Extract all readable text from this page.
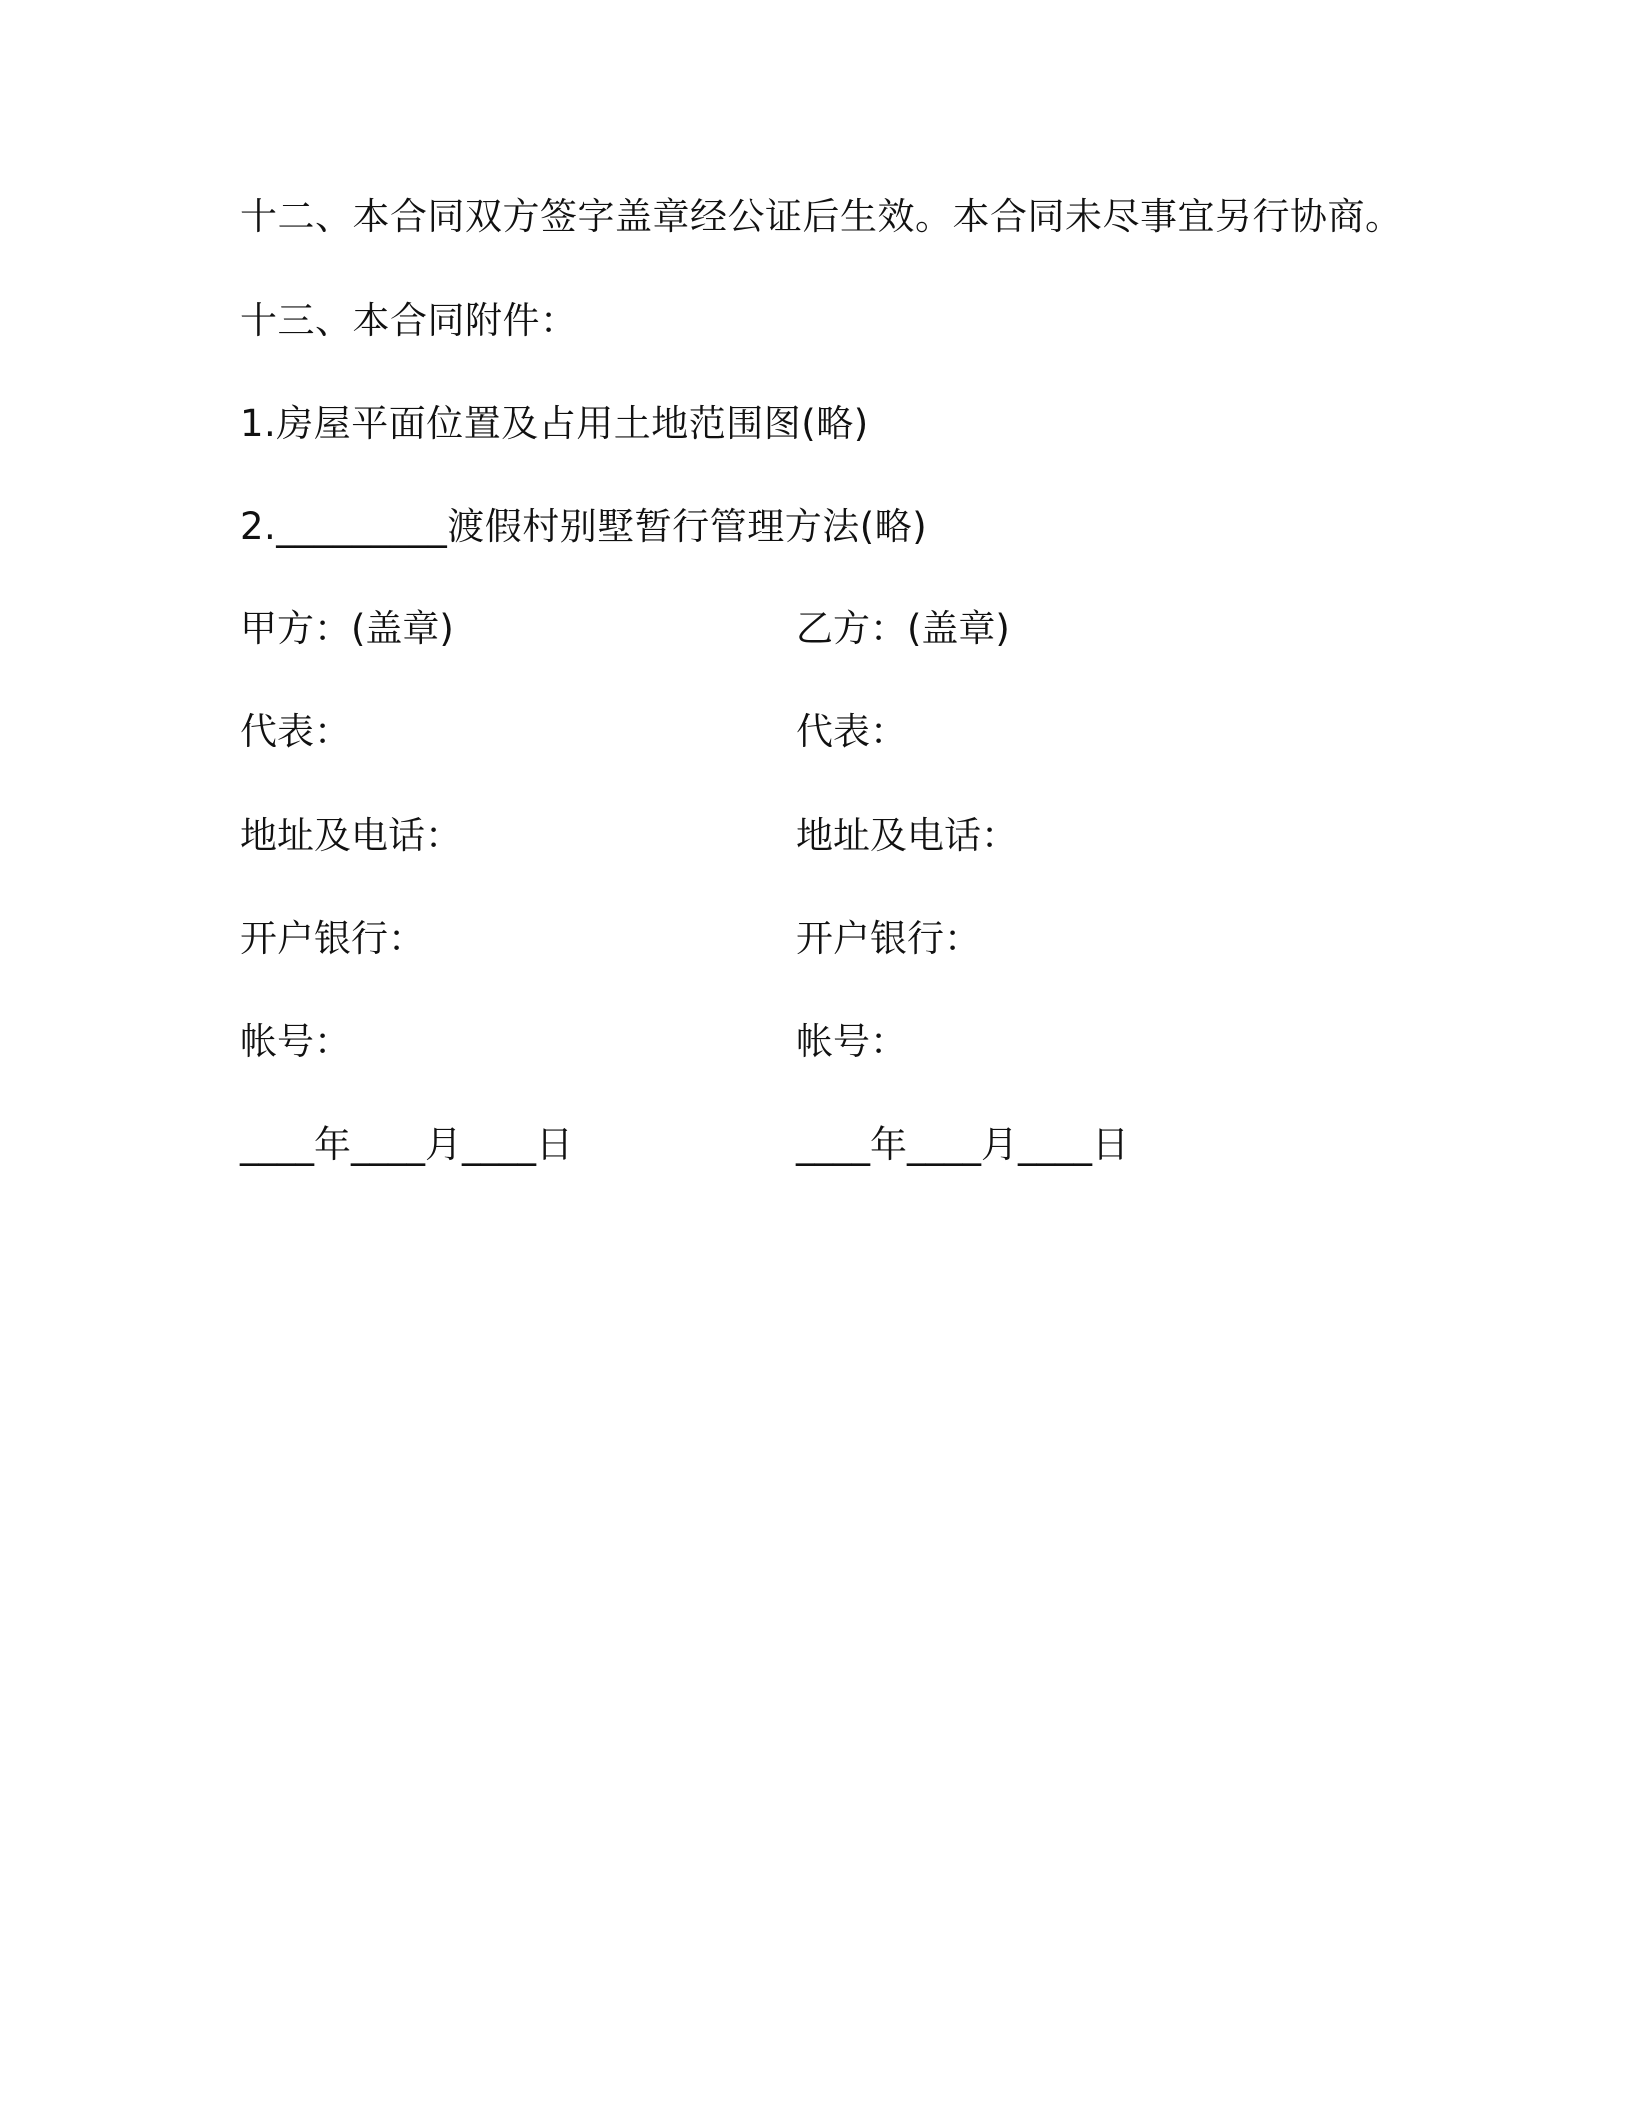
十二、本合同双方签字盖章经公证后生效。本合同未尽事宜另行协商。
十三、本合同附件：
1.房屋平面位置及占用土地范围图(略)
2._________渡假村别墅暂行管理方法(略)
甲方：(盖章)	乙方：(盖章)
代表：	代表：
地址及电话：	地址及电话：
开户银行：	开户银行：
帐号：	帐号：
____年____月____日	____年____月____日
